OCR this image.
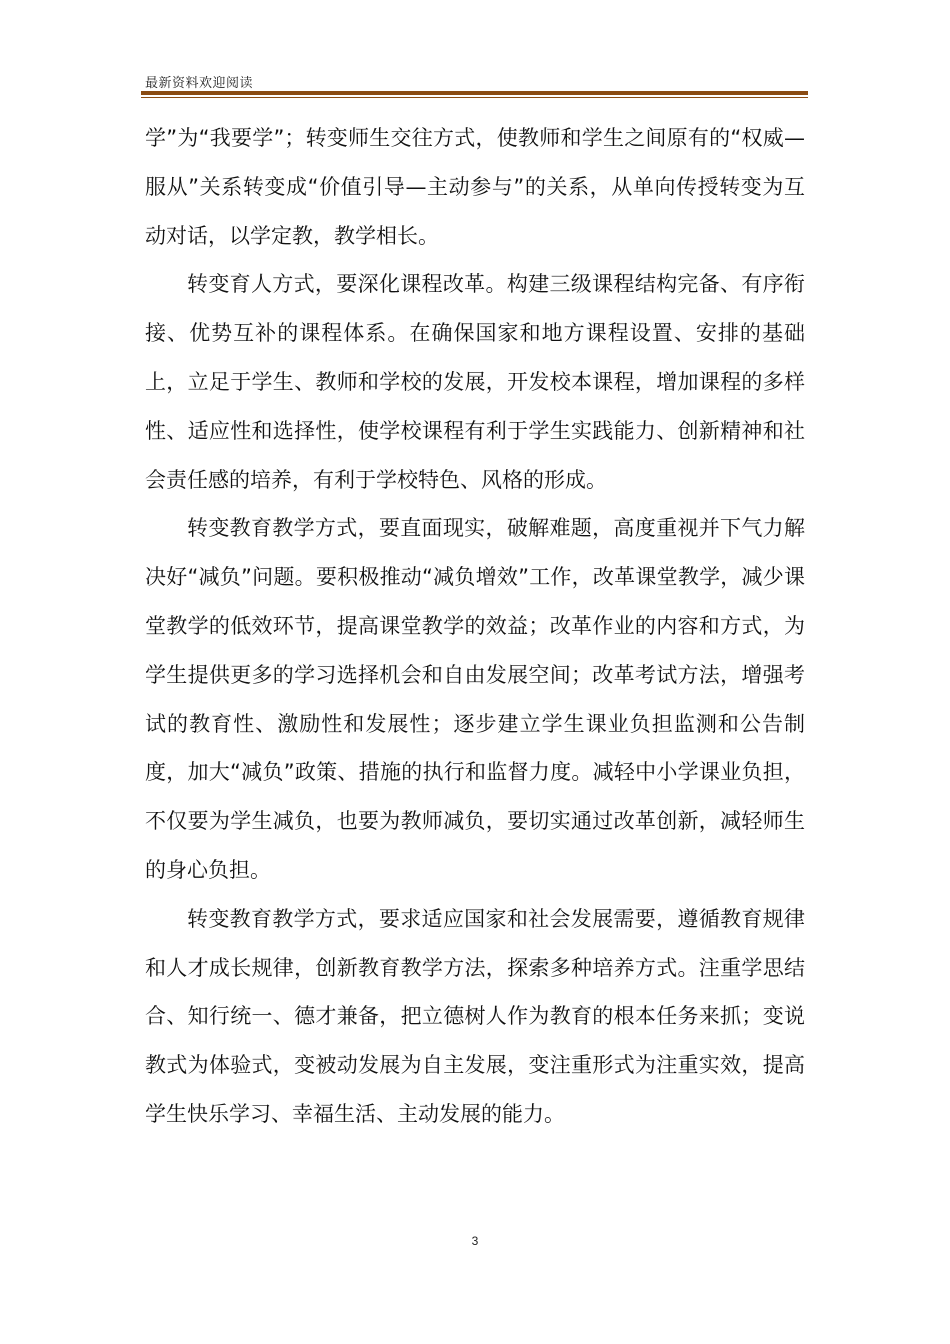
最新资料欢迎阅读

学”为“我要学”；转变师生交往方式，使教师和学生之间原有的“权威—服从”关系转变成“价值引导—主动参与”的关系，从单向传授转变为互动对话，以学定教，教学相长。

转变育人方式，要深化课程改革。构建三级课程结构完备、有序衔接、优势互补的课程体系。在确保国家和地方课程设置、安排的基础上，立足于学生、教师和学校的发展，开发校本课程，增加课程的多样性、适应性和选择性，使学校课程有利于学生实践能力、创新精神和社会责任感的培养，有利于学校特色、风格的形成。

转变教育教学方式，要直面现实，破解难题，高度重视并下气力解决好“减负”问题。要积极推动“减负增效”工作，改革课堂教学，减少课堂教学的低效环节，提高课堂教学的效益；改革作业的内容和方式，为学生提供更多的学习选择机会和自由发展空间；改革考试方法，增强考试的教育性、激励性和发展性；逐步建立学生课业负担监测和公告制度，加大“减负”政策、措施的执行和监督力度。减轻中小学课业负担，不仅要为学生减负，也要为教师减负，要切实通过改革创新，减轻师生的身心负担。

转变教育教学方式，要求适应国家和社会发展需要，遵循教育规律和人才成长规律，创新教育教学方法，探索多种培养方式。注重学思结合、知行统一、德才兼备，把立德树人作为教育的根本任务来抓；变说教式为体验式，变被动发展为自主发展，变注重形式为注重实效，提高学生快乐学习、幸福生活、主动发展的能力。

3
